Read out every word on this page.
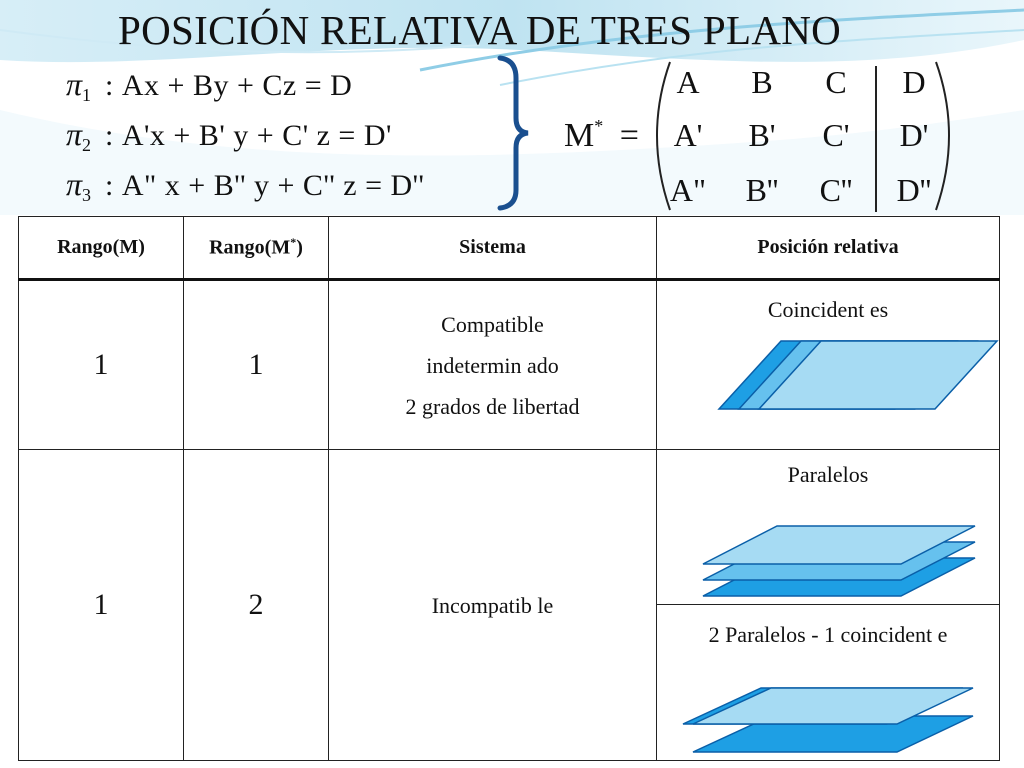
POSICIÓN RELATIVA DE TRES PLANO
$\pi_1$ : Ax + By + Cz = D
$\pi_2$ : A'x + B' y + C' z = D'
$\pi_3$ : A" x + B'' y + C'' z = D''
M* =
A	B	C	D
A'	B'	C'	D'
A"	B''	C''	D''
Rango(M)	Rango(M*)	Sistema	Posición relativa
1	1	Compatible
indetermin ado
2 grados de libertad	Coincident es

1	2	Incompatib le	Paralelos
2 Paralelos - 1 coincident e
